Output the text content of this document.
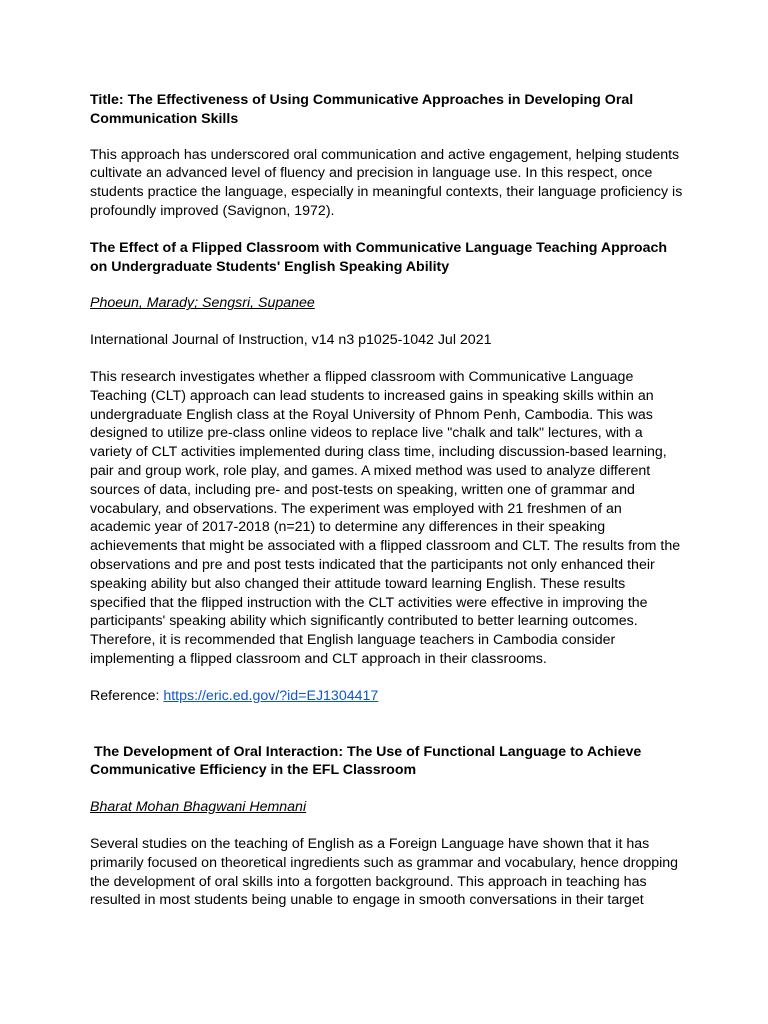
Title: The Effectiveness of Using Communicative Approaches in Developing Oral Communication Skills
This approach has underscored oral communication and active engagement, helping students cultivate an advanced level of fluency and precision in language use. In this respect, once students practice the language, especially in meaningful contexts, their language proficiency is profoundly improved (Savignon, 1972).
The Effect of a Flipped Classroom with Communicative Language Teaching Approach on Undergraduate Students' English Speaking Ability
Phoeun, Marady; Sengsri, Supanee
International Journal of Instruction, v14 n3 p1025-1042 Jul 2021
This research investigates whether a flipped classroom with Communicative Language Teaching (CLT) approach can lead students to increased gains in speaking skills within an undergraduate English class at the Royal University of Phnom Penh, Cambodia. This was designed to utilize pre-class online videos to replace live "chalk and talk" lectures, with a variety of CLT activities implemented during class time, including discussion-based learning, pair and group work, role play, and games. A mixed method was used to analyze different sources of data, including pre- and post-tests on speaking, written one of grammar and vocabulary, and observations. The experiment was employed with 21 freshmen of an academic year of 2017-2018 (n=21) to determine any differences in their speaking achievements that might be associated with a flipped classroom and CLT. The results from the observations and pre and post tests indicated that the participants not only enhanced their speaking ability but also changed their attitude toward learning English. These results specified that the flipped instruction with the CLT activities were effective in improving the participants' speaking ability which significantly contributed to better learning outcomes. Therefore, it is recommended that English language teachers in Cambodia consider implementing a flipped classroom and CLT approach in their classrooms.
Reference: https://eric.ed.gov/?id=EJ1304417
The Development of Oral Interaction: The Use of Functional Language to Achieve Communicative Efficiency in the EFL Classroom
Bharat Mohan Bhagwani Hemnani
Several studies on the teaching of English as a Foreign Language have shown that it has primarily focused on theoretical ingredients such as grammar and vocabulary, hence dropping the development of oral skills into a forgotten background. This approach in teaching has resulted in most students being unable to engage in smooth conversations in their target
